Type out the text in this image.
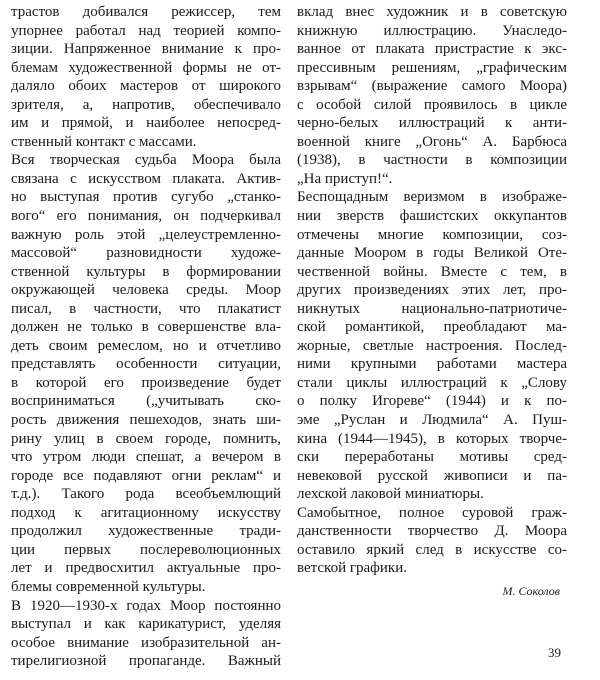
трастов добивался режиссер, тем
упорнее работал над теорией компо-
зиции. Напряженное внимание к про-
блемам художественной формы не от-
даляло обоих мастеров от широкого
зрителя, а, напротив, обеспечивало
им и прямой, и наиболее непосред-
ственный контакт с массами.
Вся творческая судьба Моора была
связана с искусством плаката. Актив-
но выступая против сугубо „станко-
вого“ его понимания, он подчеркивал
важную роль этой „целеустремленно-
массовой“ разновидности художе-
ственной культуры в формировании
окружающей человека среды. Моор
писал, в частности, что плакатист
должен не только в совершенстве вла-
деть своим ремеслом, но и отчетливо
представлять особенности ситуации,
в которой его произведение будет
восприниматься („учитывать ско-
рость движения пешеходов, знать ши-
рину улиц в своем городе, помнить,
что утром люди спешат, а вечером в
городе все подавляют огни реклам“ и
т.д.). Такого рода всеобъемлющий
подход к агитационному искусству
продолжил художественные тради-
ции первых послереволюционных
лет и предвосхитил актуальные про-
блемы современной культуры.
В 1920—1930-х годах Моор постоянно
выступал и как карикатурист, уделяя
особое внимание изобразительной ан-
тирелигиозной пропаганде. Важный
вклад внес художник и в советскую
книжную иллюстрацию. Унаследо-
ванное от плаката пристрастие к экс-
прессивным решениям, „графическим
взрывам“ (выражение самого Моора)
с особой силой проявилось в цикле
черно-белых иллюстраций к анти-
военной книге „Огонь“ А. Барбюса
(1938), в частности в композиции
„На приступ!“.
Беспощадным веризмом в изображе-
нии зверств фашистских оккупантов
отмечены многие композиции, соз-
данные Моором в годы Великой Оте-
чественной войны. Вместе с тем, в
других произведениях этих лет, про-
никнутых национально-патриотиче-
ской романтикой, преобладают ма-
жорные, светлые настроения. Послед-
ними крупными работами мастера
стали циклы иллюстраций к „Слову
о полку Игореве“ (1944) и к по-
эме „Руслан и Людмила“ А. Пуш-
кина (1944—1945), в которых творче-
ски переработаны мотивы сред-
невековой русской живописи и па-
лехской лаковой миниатюры.
Самобытное, полное суровой граж-
данственности творчество Д. Моора
оставило яркий след в искусстве со-
ветской графики.
М. Соколов
39
